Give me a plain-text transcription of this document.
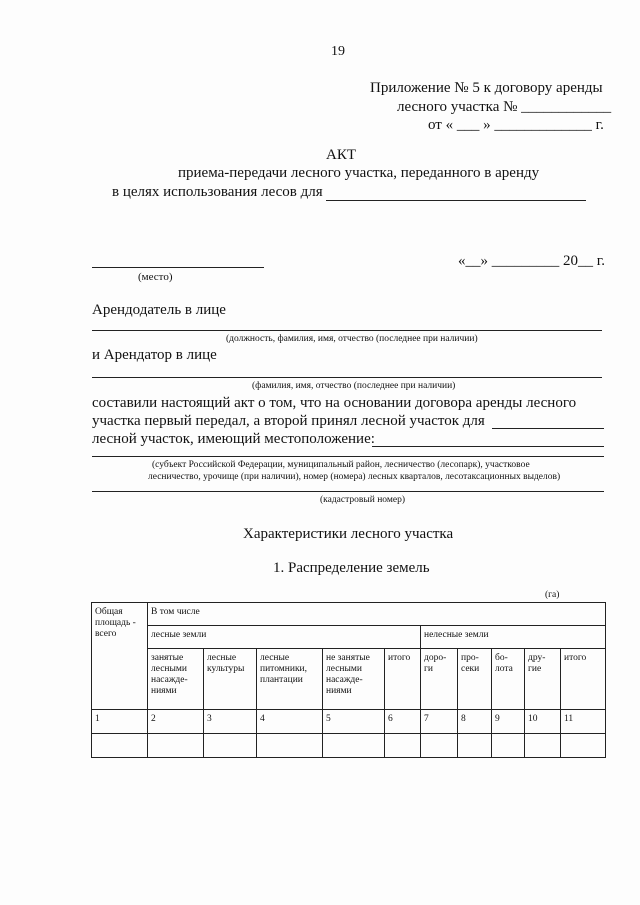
19
Приложение № 5 к договору аренды
лесного участка № ____________
от « ___ » _____________ г.
АКТ
приема-передачи лесного участка, переданного в аренду
в целях использования лесов для
(место)
«__» _________ 20__ г.
Арендодатель в лице
(должность, фамилия, имя, отчество (последнее при наличии)
и Арендатор в лице
(фамилия, имя, отчество (последнее при наличии)
составили настоящий акт о том, что на основании договора аренды лесного
участка первый передал, а второй принял лесной участок для
лесной участок, имеющий местоположение:
(субъект Российской Федерации, муниципальный район, лесничество (лесопарк), участковое
лесничество, урочище (при наличии), номер (номера) лесных кварталов, лесотаксационных выделов)
(кадастровый номер)
Характеристики лесного участка
1. Распределение земель
(га)
Общая площадь - всего	В том числе									
	лесные земли					нелесные земли				
	занятые лесными насажде-ниями	лесные культуры	лесные питомники, плантации	не занятые лесными насажде-ниями	итого	доро-ги	про-секи	бо-лота	дру-гие	итого
1	2	3	4	5	6	7	8	9	10	11
